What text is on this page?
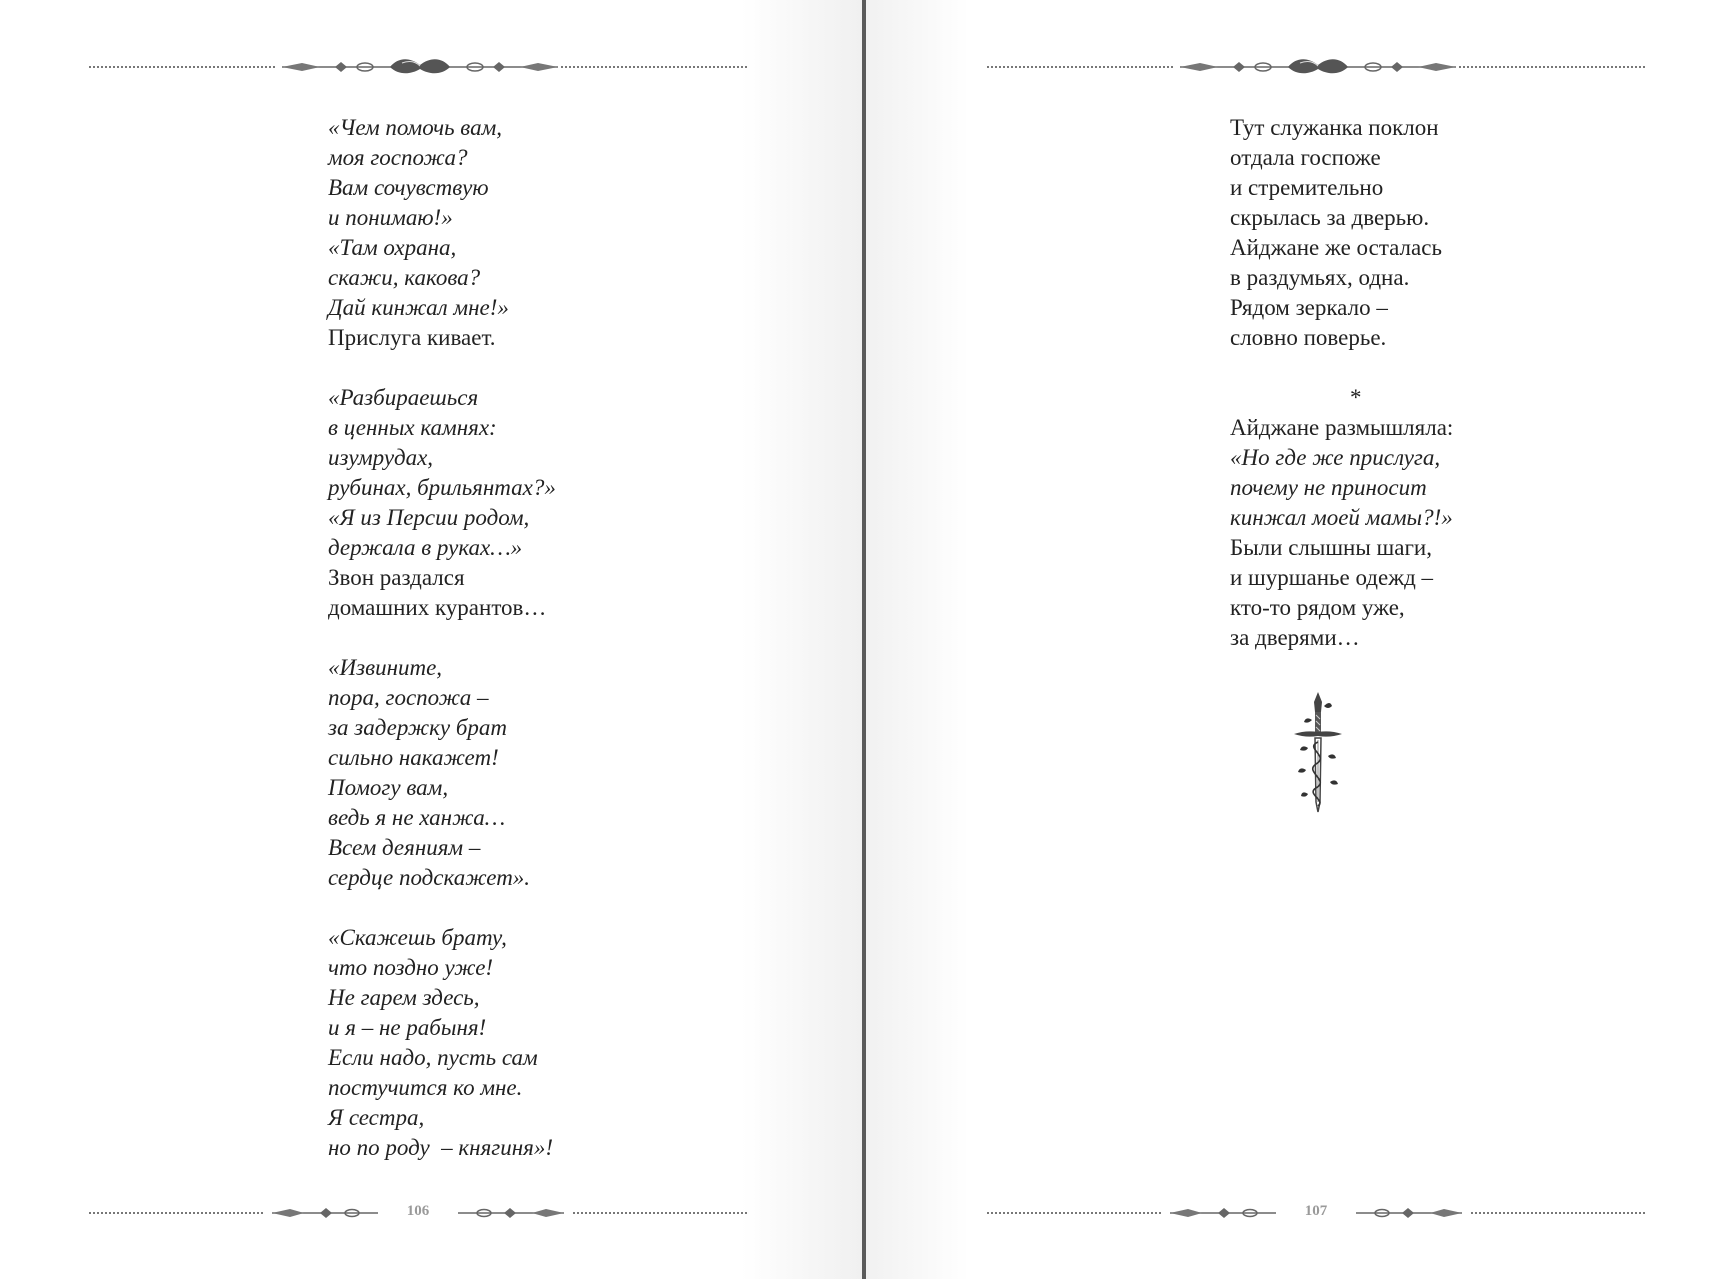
«Чем помочь вам,
моя госпожа?
Вам сочувствую
и понимаю!»
«Там охрана,
скажи, какова?
Дай кинжал мне!»
Прислуга кивает.
«Разбираешься
в ценных камнях:
изумрудах,
рубинах, брильянтах?»
«Я из Персии родом,
держала в руках…»
Звон раздался
домашних курантов…
«Извините,
пора, госпожа –
за задержку брат
сильно накажет!
Помогу вам,
ведь я не ханжа…
Всем деяниям –
сердце подскажет».
«Скажешь брату,
что поздно уже!
Не гарем здесь,
и я – не рабыня!
Если надо, пусть сам
постучится ко мне.
Я сестра,
но по роду  – княгиня»!
106
Тут служанка поклон
отдала госпоже
и стремительно
скрылась за дверью.
Айджане же осталась
в раздумьях, одна.
Рядом зеркало –
словно поверье.
*
Айджане размышляла:
«Но где же прислуга,
почему не приносит
кинжал моей мамы?!»
Были слышны шаги,
и шуршанье одежд –
кто-то рядом уже,
за дверями…
107
